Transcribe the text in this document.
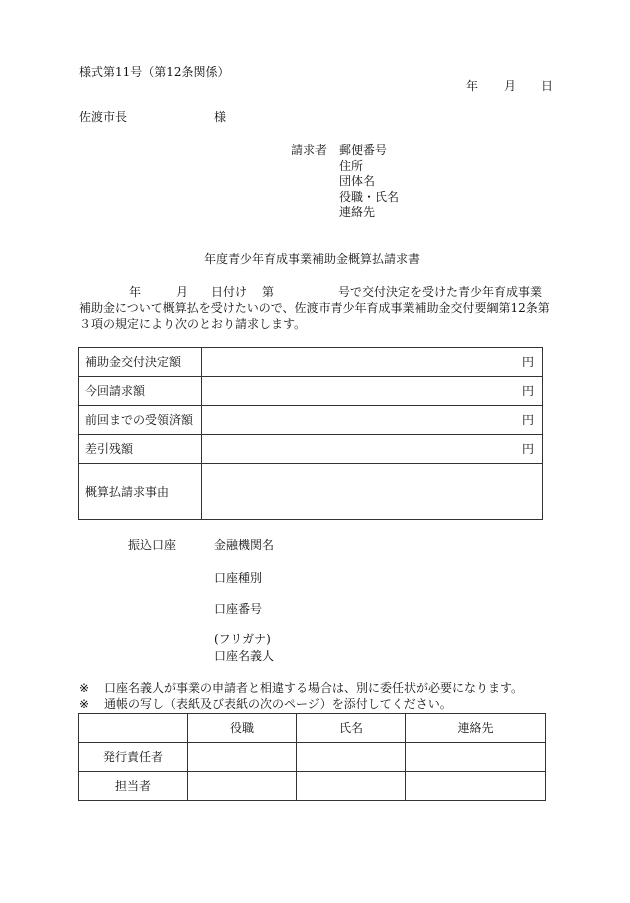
様式第11号（第12条関係）
年 月 日
佐渡市長	様
請求者 郵便番号
住所
団体名
役職・氏名
連絡先
年度青少年育成事業補助金概算払請求書
年	月 日付け 第	号で交付決定を受けた青少年育成事業
補助金について概算払を受けたいので、佐渡市青少年育成事業補助金交付要綱第12条第
３項の規定により次のとおり請求します。
補助金交付決定額	円
今回請求額	円
前回までの受領済額	円
差引残額	円
概算払請求事由	
振込口座	金融機関名
口座種別
口座番号
(フリガナ)
口座名義人
※ 口座名義人が事業の申請者と相違する場合は、別に委任状が必要になります。
※ 通帳の写し（表紙及び表紙の次のページ）を添付してください。
	役職	氏名	連絡先
発行責任者			
担当者			
